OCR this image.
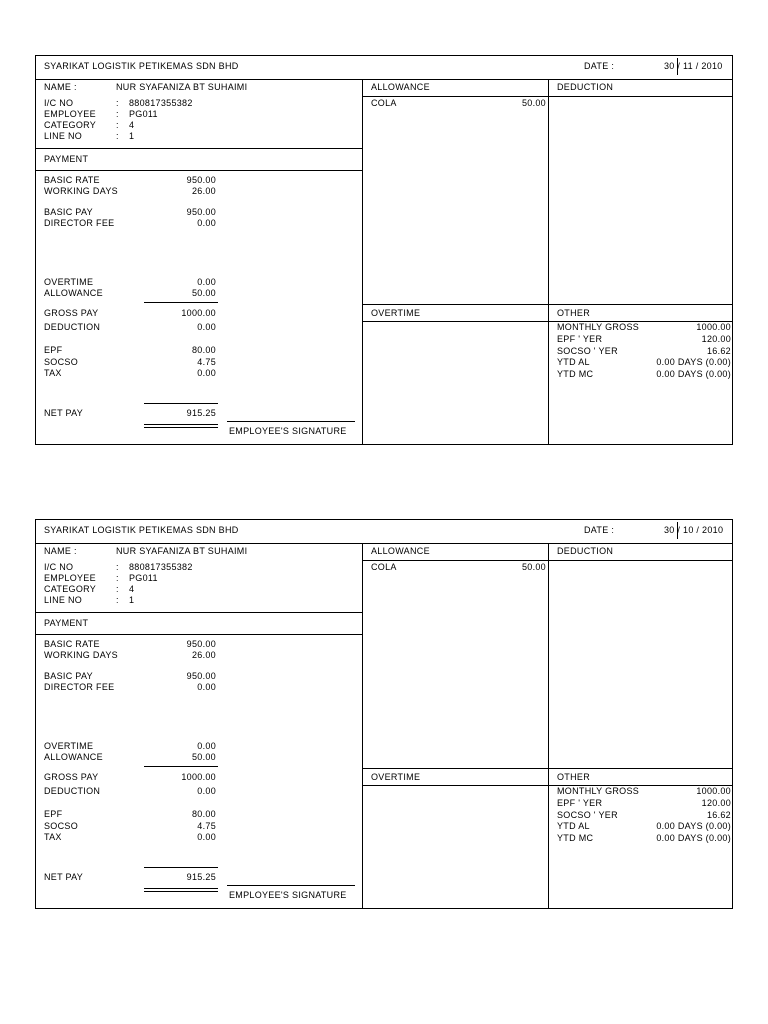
SYARIKAT LOGISTIK PETIKEMAS SDN BHD	DATE :	30 / 11 / 2010
NAME :	NUR SYAFANIZA BT SUHAIMI
I/C NO	: 880817355382
EMPLOYEE : PG011
CATEGORY : 4
LINE NO	: 1
PAYMENT
BASIC RATE	950.00
WORKING DAYS	26.00
BASIC PAY	950.00
DIRECTOR FEE	0.00
OVERTIME	0.00
ALLOWANCE	50.00
GROSS PAY	1000.00
DEDUCTION	0.00
EPF	80.00
SOCSO	4.75
TAX	0.00
NET PAY	915.25
EMPLOYEE'S SIGNATURE
ALLOWANCE	DEDUCTION
COLA	50.00
OVERTIME	OTHER
MONTHLY GROSS	1000.00
EPF ' YER	120.00
SOCSO ' YER	16.62
YTD AL	0.00 DAYS (0.00)
YTD MC	0.00 DAYS (0.00)
SYARIKAT LOGISTIK PETIKEMAS SDN BHD	DATE :	30 / 10 / 2010
NAME :	NUR SYAFANIZA BT SUHAIMI
I/C NO	: 880817355382
EMPLOYEE : PG011
CATEGORY : 4
LINE NO	: 1
PAYMENT
BASIC RATE	950.00
WORKING DAYS	26.00
BASIC PAY	950.00
DIRECTOR FEE	0.00
OVERTIME	0.00
ALLOWANCE	50.00
GROSS PAY	1000.00
DEDUCTION	0.00
EPF	80.00
SOCSO	4.75
TAX	0.00
NET PAY	915.25
EMPLOYEE'S SIGNATURE
ALLOWANCE	DEDUCTION
COLA	50.00
OVERTIME	OTHER
MONTHLY GROSS	1000.00
EPF ' YER	120.00
SOCSO ' YER	16.62
YTD AL	0.00 DAYS (0.00)
YTD MC	0.00 DAYS (0.00)
